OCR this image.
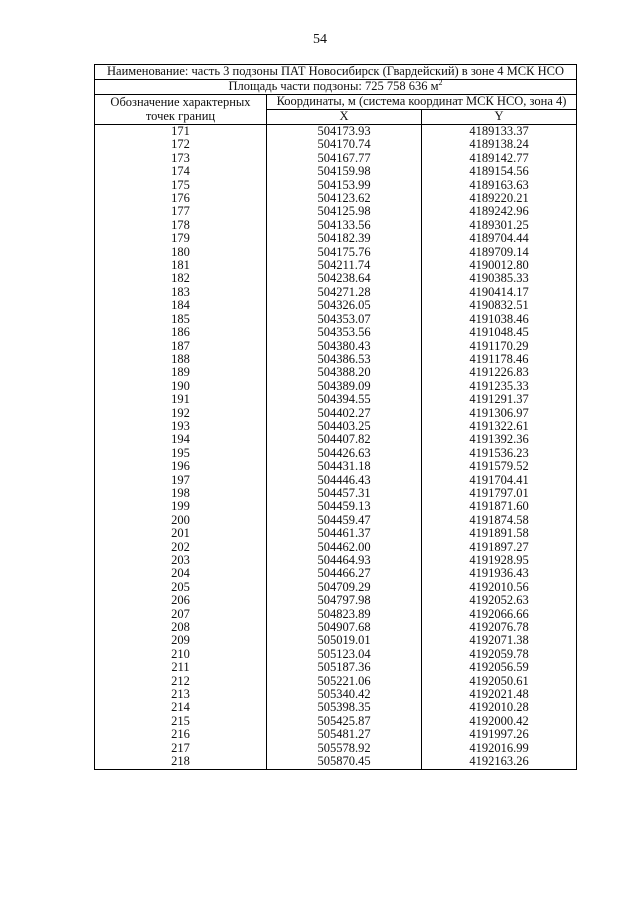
54
Наименование: часть 3 подзоны ПАТ Новосибирск (Гвардейский) в зоне 4 МСК НСО		
Площадь части подзоны: 725 758 636 $м^2$

Обозначение характерных
точек границ	Координаты, м (система координат МСК НСО, зона 4)	
	X	Y
171	504173.93	4189133.37
172	504170.74	4189138.24
173	504167.77	4189142.77
174	504159.98	4189154.56
175	504153.99	4189163.63
176	504123.62	4189220.21
177	504125.98	4189242.96
178	504133.56	4189301.25
179	504182.39	4189704.44
180	504175.76	4189709.14
181	504211.74	4190012.80
182	504238.64	4190385.33
183	504271.28	4190414.17
184	504326.05	4190832.51
185	504353.07	4191038.46
186	504353.56	4191048.45
187	504380.43	4191170.29
188	504386.53	4191178.46
189	504388.20	4191226.83
190	504389.09	4191235.33
191	504394.55	4191291.37
192	504402.27	4191306.97
193	504403.25	4191322.61
194	504407.82	4191392.36
195	504426.63	4191536.23
196	504431.18	4191579.52
197	504446.43	4191704.41
198	504457.31	4191797.01
199	504459.13	4191871.60
200	504459.47	4191874.58
201	504461.37	4191891.58
202	504462.00	4191897.27
203	504464.93	4191928.95
204	504466.27	4191936.43
205	504709.29	4192010.56
206	504797.98	4192052.63
207	504823.89	4192066.66
208	504907.68	4192076.78
209	505019.01	4192071.38
210	505123.04	4192059.78
211	505187.36	4192056.59
212	505221.06	4192050.61
213	505340.42	4192021.48
214	505398.35	4192010.28
215	505425.87	4192000.42
216	505481.27	4191997.26
217	505578.92	4192016.99
218	505870.45	4192163.26
